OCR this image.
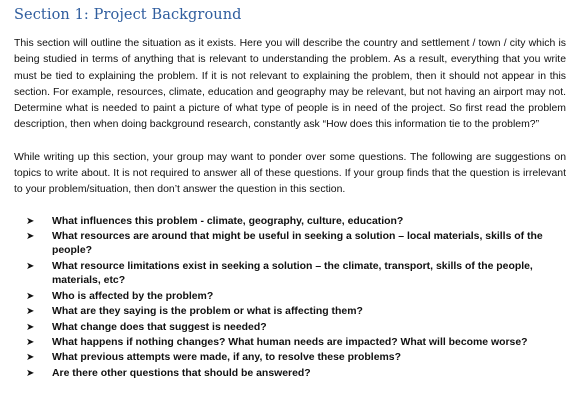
Section 1: Project Background

This section will outline the situation as it exists. Here you will describe the country and settlement / town / city which is being studied in terms of anything that is relevant to understanding the problem. As a result, everything that you write must be tied to explaining the problem. If it is not relevant to explaining the problem, then it should not appear in this section. For example, resources, climate, education and geography may be relevant, but not having an airport may not. Determine what is needed to paint a picture of what type of people is in need of the project. So first read the problem description, then when doing background research, constantly ask “How does this information tie to the problem?”

While writing up this section, your group may want to ponder over some questions. The following are suggestions on topics to write about. It is not required to answer all of these questions. If your group finds that the question is irrelevant to your problem/situation, then don’t answer the question in this section.

➤ What influences this problem - climate, geography, culture, education?
➤ What resources are around that might be useful in seeking a solution – local materials, skills of the people?
➤ What resource limitations exist in seeking a solution – the climate, transport, skills of the people, materials, etc?
➤ Who is affected by the problem?
➤ What are they saying is the problem or what is affecting them?
➤ What change does that suggest is needed?
➤ What happens if nothing changes? What human needs are impacted? What will become worse?
➤ What previous attempts were made, if any, to resolve these problems?
➤ Are there other questions that should be answered?
